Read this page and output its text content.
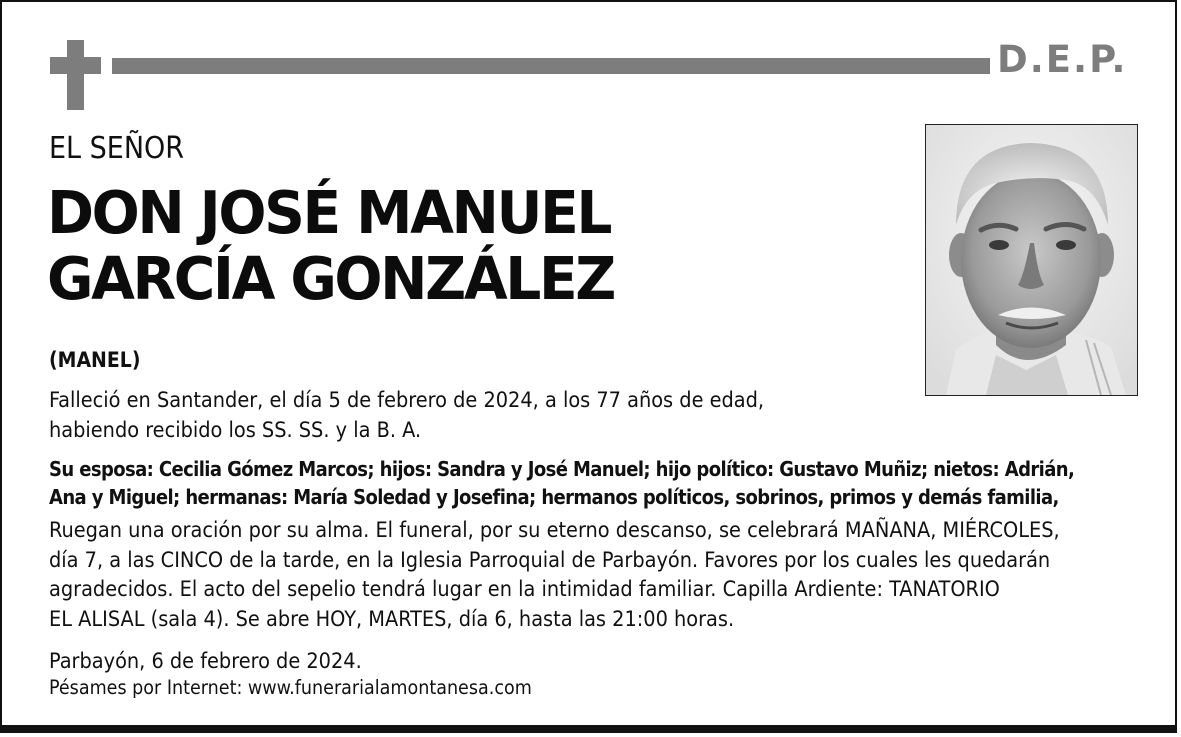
D.E.P.
EL SEÑOR
DON JOSÉ MANUEL
GARCÍA GONZÁLEZ
(MANEL)
Falleció en Santander, el día 5 de febrero de 2024, a los 77 años de edad,
habiendo recibido los SS. SS. y la B. A.
Su esposa: Cecilia Gómez Marcos; hijos: Sandra y José Manuel; hijo político: Gustavo Muñiz; nietos: Adrián,
Ana y Miguel; hermanas: María Soledad y Josefina; hermanos políticos, sobrinos, primos y demás familia,
Ruegan una oración por su alma. El funeral, por su eterno descanso, se celebrará MAÑANA, MIÉRCOLES,
día 7, a las CINCO de la tarde, en la Iglesia Parroquial de Parbayón. Favores por los cuales les quedarán
agradecidos. El acto del sepelio tendrá lugar en la intimidad familiar. Capilla Ardiente: TANATORIO
EL ALISAL (sala 4). Se abre HOY, MARTES, día 6, hasta las 21:00 horas.
Parbayón, 6 de febrero de 2024.
Pésames por Internet: www.funerarialamontanesa.com
